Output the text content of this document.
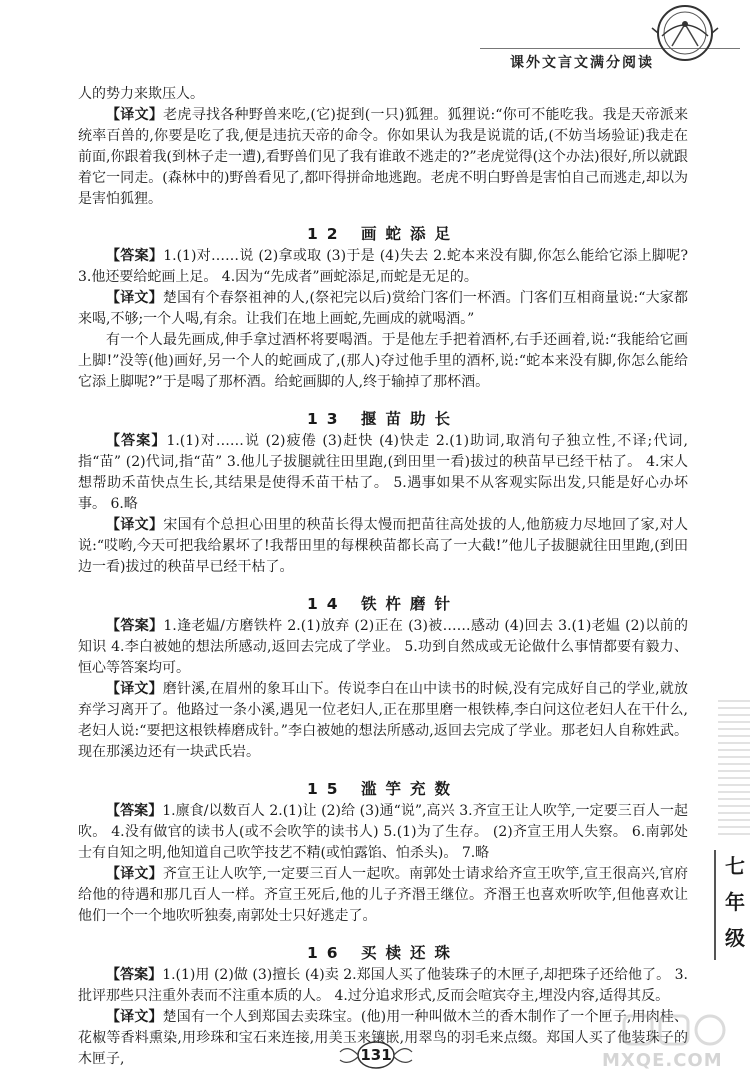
课外文言文满分阅读

人的势力来欺压人。

【译文】老虎寻找各种野兽来吃,(它)捉到(一只)狐狸。狐狸说:“你可不能吃我。我是天帝派来统率百兽的,你要是吃了我,便是违抗天帝的命令。你如果认为我是说谎的话,(不妨当场验证)我走在前面,你跟着我(到林子走一遭),看野兽们见了我有谁敢不逃走的?”老虎觉得(这个办法)很好,所以就跟着它一同走。(森林中的)野兽看见了,都吓得拼命地逃跑。老虎不明白野兽是害怕自己而逃走,却以为是害怕狐狸。

12 画蛇添足

【答案】1.(1)对……说 (2)拿或取 (3)于是 (4)失去 2.蛇本来没有脚,你怎么能给它添上脚呢? 3.他还要给蛇画上足。 4.因为“先成者”画蛇添足,而蛇是无足的。

【译文】楚国有个春祭祖神的人,(祭祀完以后)赏给门客们一杯酒。门客们互相商量说:“大家都来喝,不够;一个人喝,有余。让我们在地上画蛇,先画成的就喝酒。”

有一个人最先画成,伸手拿过酒杯将要喝酒。于是他左手把着酒杯,右手还画着,说:“我能给它画上脚!”没等(他)画好,另一个人的蛇画成了,(那人)夺过他手里的酒杯,说:“蛇本来没有脚,你怎么能给它添上脚呢?”于是喝了那杯酒。给蛇画脚的人,终于输掉了那杯酒。

13 揠苗助长

【答案】1.(1)对……说 (2)疲倦 (3)赶快 (4)快走 2.(1)助词,取消句子独立性,不译;代词,指“苗” (2)代词,指“苗” 3.他儿子拔腿就往田里跑,(到田里一看)拔过的秧苗早已经干枯了。 4.宋人想帮助禾苗快点生长,其结果是使得禾苗干枯了。 5.遇事如果不从客观实际出发,只能是好心办坏事。 6.略

【译文】宋国有个总担心田里的秧苗长得太慢而把苗往高处拔的人,他筋疲力尽地回了家,对人说:“哎哟,今天可把我给累坏了!我帮田里的每棵秧苗都长高了一大截!”他儿子拔腿就往田里跑,(到田边一看)拔过的秧苗早已经干枯了。

14 铁杵磨针

【答案】1.逢老媪/方磨铁杵 2.(1)放弃 (2)正在 (3)被……感动 (4)回去 3.(1)老媪 (2)以前的知识 4.李白被她的想法所感动,返回去完成了学业。 5.功到自然成或无论做什么事情都要有毅力、恒心等答案均可。

【译文】磨针溪,在眉州的象耳山下。传说李白在山中读书的时候,没有完成好自己的学业,就放弃学习离开了。他路过一条小溪,遇见一位老妇人,正在那里磨一根铁棒,李白问这位老妇人在干什么,老妇人说:“要把这根铁棒磨成针。”李白被她的想法所感动,返回去完成了学业。那老妇人自称姓武。现在那溪边还有一块武氏岩。

15 滥竽充数

【答案】1.廪食/以数百人 2.(1)让 (2)给 (3)通“说”,高兴 3.齐宣王让人吹竽,一定要三百人一起吹。 4.没有做官的读书人(或不会吹竽的读书人) 5.(1)为了生存。 (2)齐宣王用人失察。 6.南郭处士有自知之明,他知道自己吹竽技艺不精(或怕露馅、怕杀头)。 7.略

【译文】齐宣王让人吹竽,一定要三百人一起吹。南郭处士请求给齐宣王吹竽,宣王很高兴,官府给他的待遇和那几百人一样。齐宣王死后,他的儿子齐湣王继位。齐湣王也喜欢听吹竽,但他喜欢让他们一个一个地吹听独奏,南郭处士只好逃走了。

16 买椟还珠

【答案】1.(1)用 (2)做 (3)擅长 (4)卖 2.郑国人买了他装珠子的木匣子,却把珠子还给他了。 3.批评那些只注重外表而不注重本质的人。 4.过分追求形式,反而会喧宾夺主,埋没内容,适得其反。

【译文】楚国有一个人到郑国去卖珠宝。(他)用一种叫做木兰的香木制作了一个匣子,用肉桂、花椒等香料熏染,用珍珠和宝石来连接,用美玉来镶嵌,用翠鸟的羽毛来点缀。郑国人买了他装珠子的木匣子,

七
年
级
131	MXQE.COM
